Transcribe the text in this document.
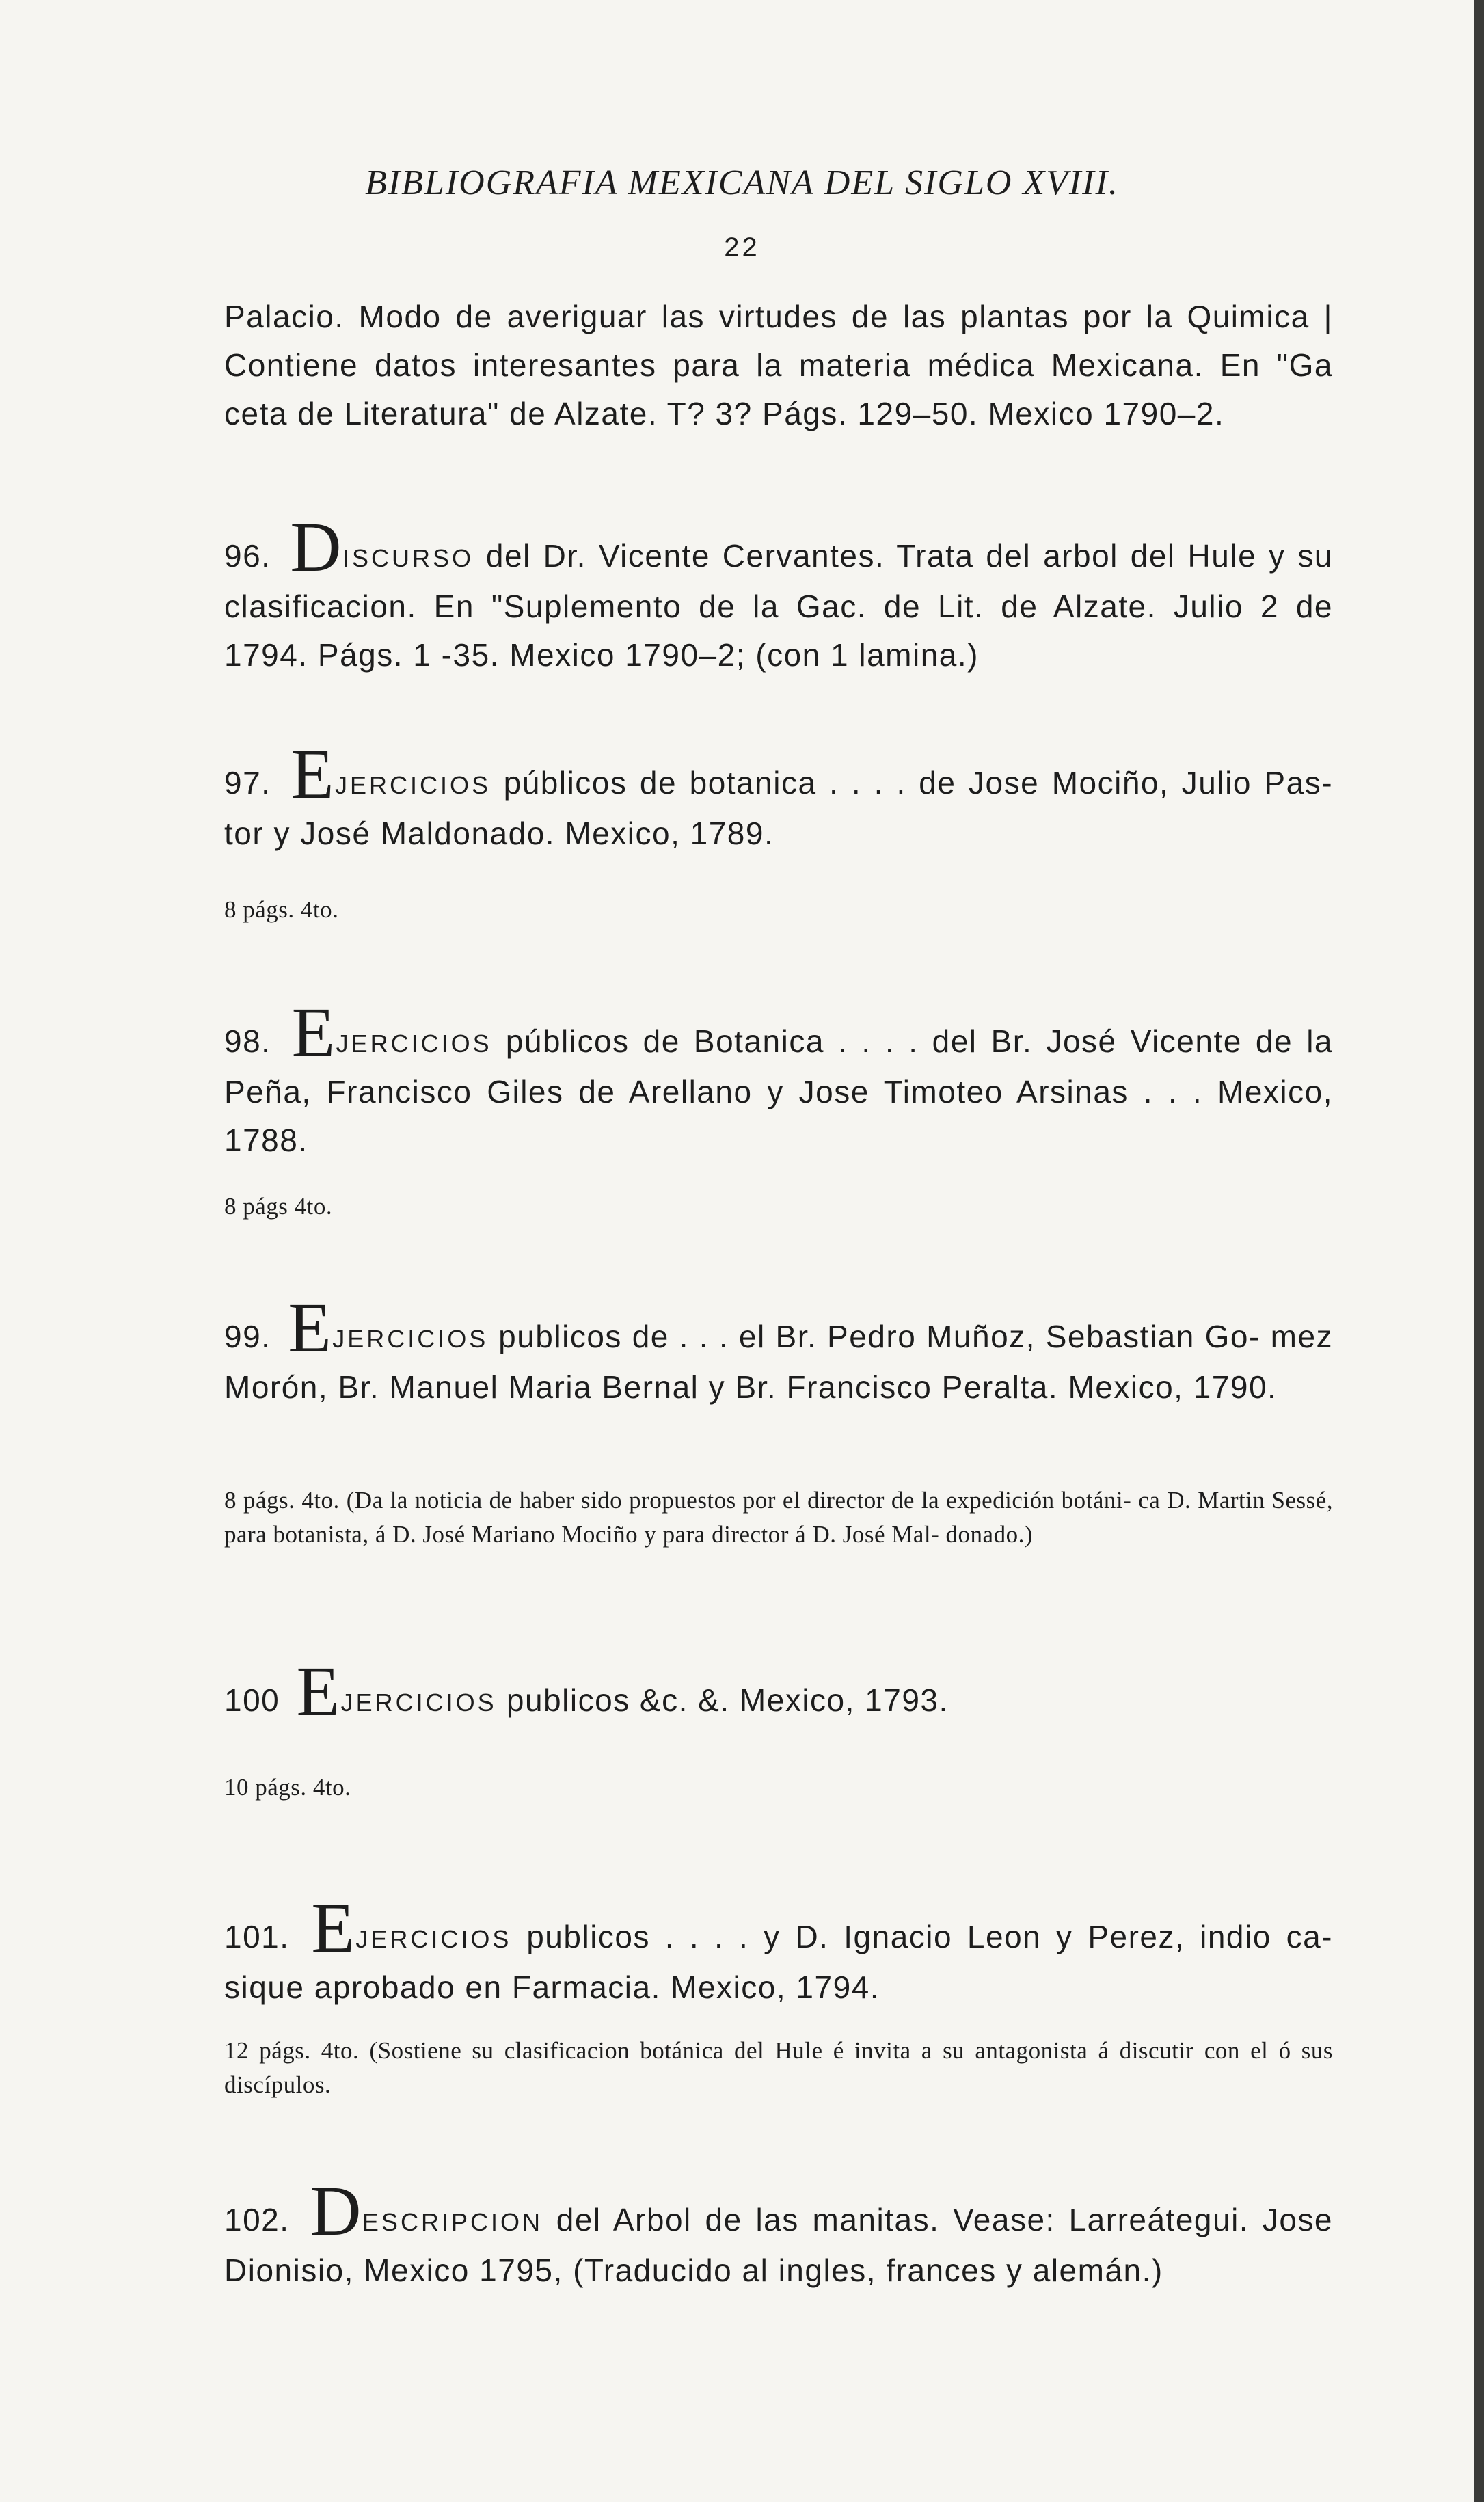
BIBLIOGRAFIA MEXICANA DEL SIGLO XVIII.
22

Palacio. Modo de averiguar las virtudes de las plantas por la Quimica | Contiene datos interesantes para la materia médica Mexicana. En "Ga ceta de Literatura" de Alzate. T? 3? Págs. 129–50. Mexico 1790–2.

96. DISCURSO del Dr. Vicente Cervantes. Trata del arbol del Hule y su clasificacion. En "Suplemento de la Gac. de Lit. de Alzate. Julio 2 de 1794. Págs. 1 -35. Mexico 1790–2; (con 1 lamina.)

97. EJERCICIOS públicos de botanica . . . . de Jose Mociño, Julio Pas- tor y José Maldonado. Mexico, 1789.

8 págs. 4to.

98. EJERCICIOS públicos de Botanica . . . . del Br. José Vicente de la Peña, Francisco Giles de Arellano y Jose Timoteo Arsinas . . . Mexico, 1788.

8 págs 4to.

99. EJERCICIOS publicos de . . . el Br. Pedro Muñoz, Sebastian Go- mez Morón, Br. Manuel Maria Bernal y Br. Francisco Peralta. Mexico, 1790.

8 págs. 4to. (Da la noticia de haber sido propuestos por el director de la expedición botáni- ca D. Martin Sessé, para botanista, á D. José Mariano Mociño y para director á D. José Mal- donado.)

100 EJERCICIOS publicos &c. &. Mexico, 1793.

10 págs. 4to.

101. EJERCICIOS publicos . . . . y D. Ignacio Leon y Perez, indio ca- sique aprobado en Farmacia. Mexico, 1794.

12 págs. 4to. (Sostiene su clasificacion botánica del Hule é invita a su antagonista á discutir con el ó sus discípulos.

102. DESCRIPCION del Arbol de las manitas. Vease: Larreátegui. Jose Dionisio, Mexico 1795, (Traducido al ingles, frances y alemán.)
